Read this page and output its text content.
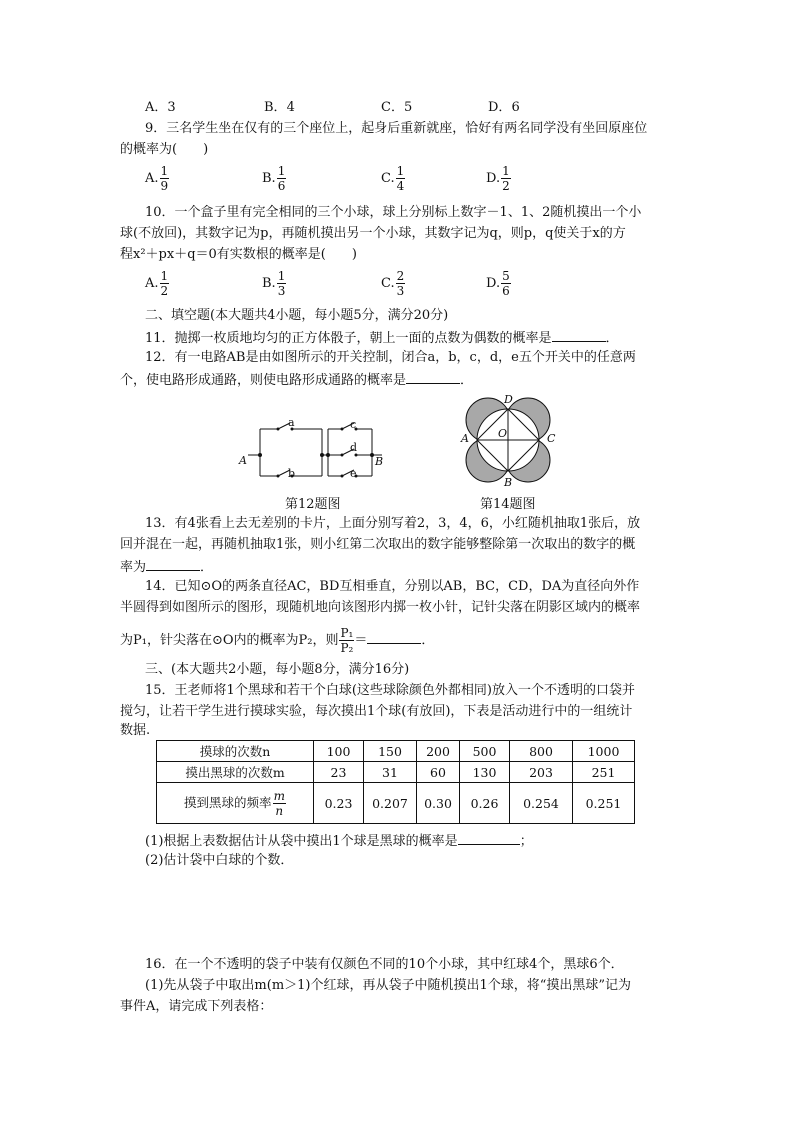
A．3	B．4	C．5	D．6
9．三名学生坐在仅有的三个座位上，起身后重新就座，恰好有两名同学没有坐回原座位
的概率为(　　)
A. $\frac{1}{9}$	B. $\frac{1}{6}$	C. $\frac{1}{4}$	D. $\frac{1}{2}$
10．一个盒子里有完全相同的三个小球，球上分别标上数字－1、1、2随机摸出一个小
球(不放回)，其数字记为p，再随机摸出另一个小球，其数字记为q，则p，q使关于x的方
程x²＋px＋q＝0有实数根的概率是(　　)
A. $\frac{1}{2}$	B. $\frac{1}{3}$	C. $\frac{2}{3}$	D. $\frac{5}{6}$
二、填空题(本大题共4小题，每小题5分，满分20分)
11．抛掷一枚质地均匀的正方体骰子，朝上一面的点数为偶数的概率是	．
12．有一电路AB是由如图所示的开关控制，闭合a，b，c，d，e五个开关中的任意两
个，使电路形成通路，则使电路形成通路的概率是	．
a
b
c
d
e
A	B
第12题图
D
A	O	C
B
第14题图
13．有4张看上去无差别的卡片，上面分别写着2，3，4，6，小红随机抽取1张后，放
回并混在一起，再随机抽取1张，则小红第二次取出的数字能够整除第一次取出的数字的概
率为	．
14．已知⊙O的两条直径AC，BD互相垂直，分别以AB，BC，CD，DA为直径向外作
半圆得到如图所示的图形，现随机地向该图形内掷一枚小针，记针尖落在阴影区域内的概率
为P₁，针尖落在⊙O内的概率为P₂，则 $\frac{\text{P₁}}{\text{P₂}}$ ＝	．
三、(本大题共2小题，每小题8分，满分16分)
15．王老师将1个黑球和若干个白球(这些球除颜色外都相同)放入一个不透明的口袋并
搅匀，让若干学生进行摸球实验，每次摸出1个球(有放回)，下表是活动进行中的一组统计
数据.
摸球的次数n	100	150	200	500	800	1000
摸出黑球的次数m	23	31	60	130	203	251
摸到黑球的频率 $\frac{m}{n}$	0.23	0.207	0.30	0.26	0.254	0.251
(1)根据上表数据估计从袋中摸出1个球是黑球的概率是	；
(2)估计袋中白球的个数．
16．在一个不透明的袋子中装有仅颜色不同的10个小球，其中红球4个，黑球6个．
(1)先从袋子中取出m(m＞1)个红球，再从袋子中随机摸出1个球，将“摸出黑球”记为
事件A，请完成下列表格：
